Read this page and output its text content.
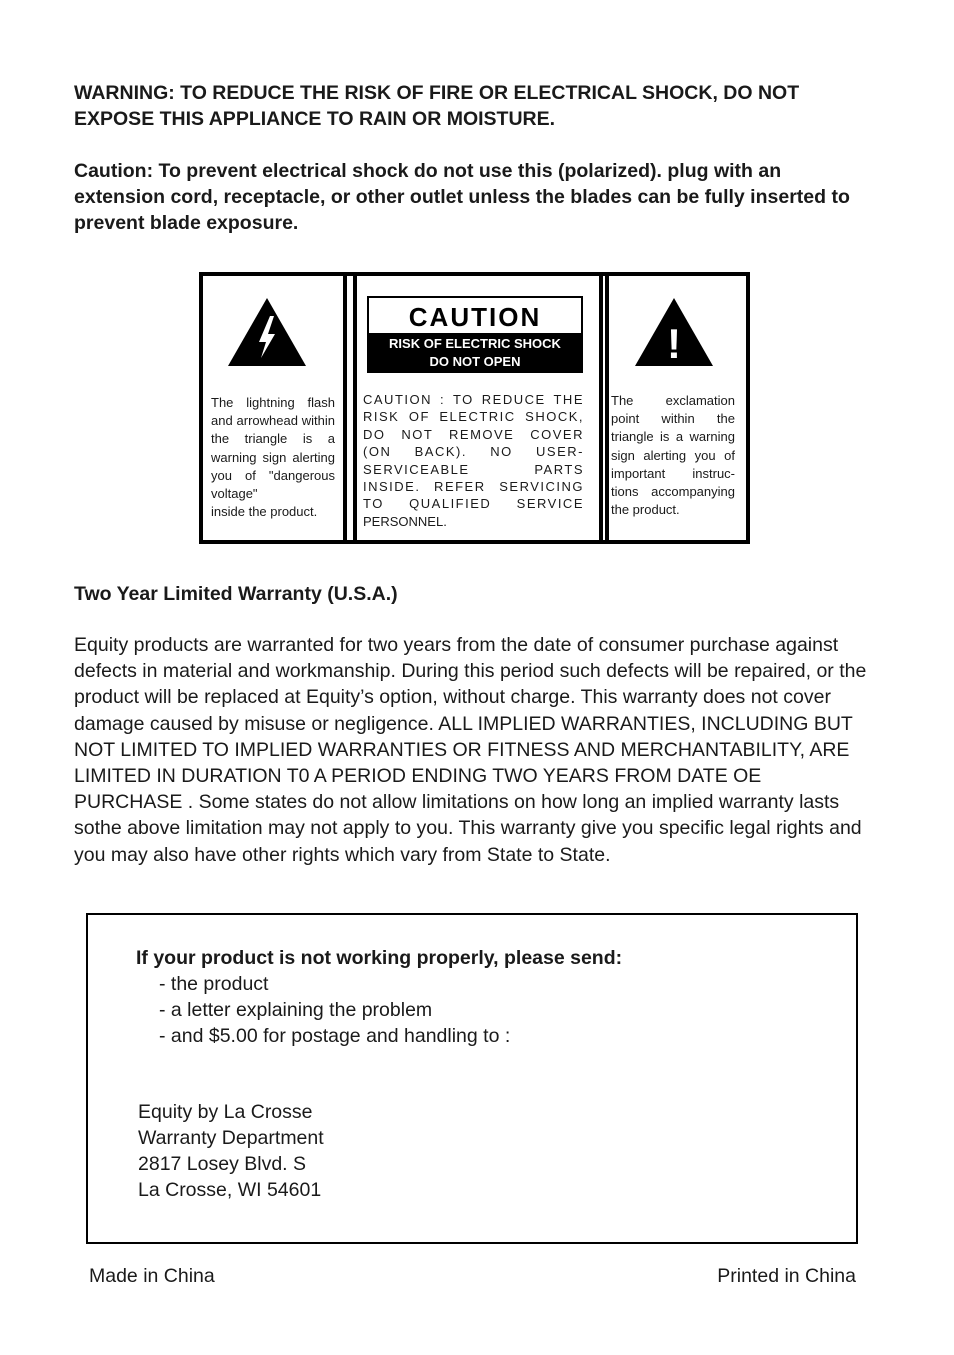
WARNING: TO REDUCE THE RISK OF FIRE OR ELECTRICAL SHOCK, DO NOT EXPOSE THIS APPLIANCE TO RAIN OR MOISTURE.
Caution: To prevent electrical shock do not use this (polarized). plug with an extension cord, receptacle, or other outlet unless the blades can be fully inserted to prevent blade exposure.
The lightning flash and arrowhead within the triangle is a warning sign alerting you of "dangerous voltage"
inside the product.
CAUTION
RISK OF ELECTRIC SHOCK
DO NOT OPEN
CAUTION : TO REDUCE THE RISK OF ELECTRIC SHOCK, DO NOT REMOVE COVER (ON BACK). NO USER-SERVICEABLE PARTS INSIDE. REFER SERVICING TO QUALIFIED SERVICE
PERSONNEL.
!
The exclamation point within the triangle is a warning sign alerting you of important instruc- tions accompanying
the product.
Two Year Limited Warranty (U.S.A.)
Equity products are warranted for two years from the date of consumer purchase against defects in material and workmanship. During this period such defects will be repaired, or the product will be replaced at Equity’s option, without charge. This warranty does not cover damage caused by misuse or negligence. ALL IMPLIED WARRANTIES, INCLUDING BUT NOT LIMITED TO IMPLIED WARRANTIES OR FITNESS AND MERCHANTABILITY, ARE LIMITED IN DURATION T0 A PERIOD ENDING TWO YEARS FROM DATE OE PURCHASE . Some states do not allow limitations on how long an implied warranty lasts sothe above limitation may not apply to you. This warranty give you specific legal rights and you may also have other rights which vary from State to State.
If your product is not working properly, please send:
- the product
- a letter explaining the problem
- and $5.00 for postage and handling to :
Equity by La Crosse
Warranty Department
2817 Losey Blvd. S
La Crosse, WI 54601
Made in China	Printed in China
